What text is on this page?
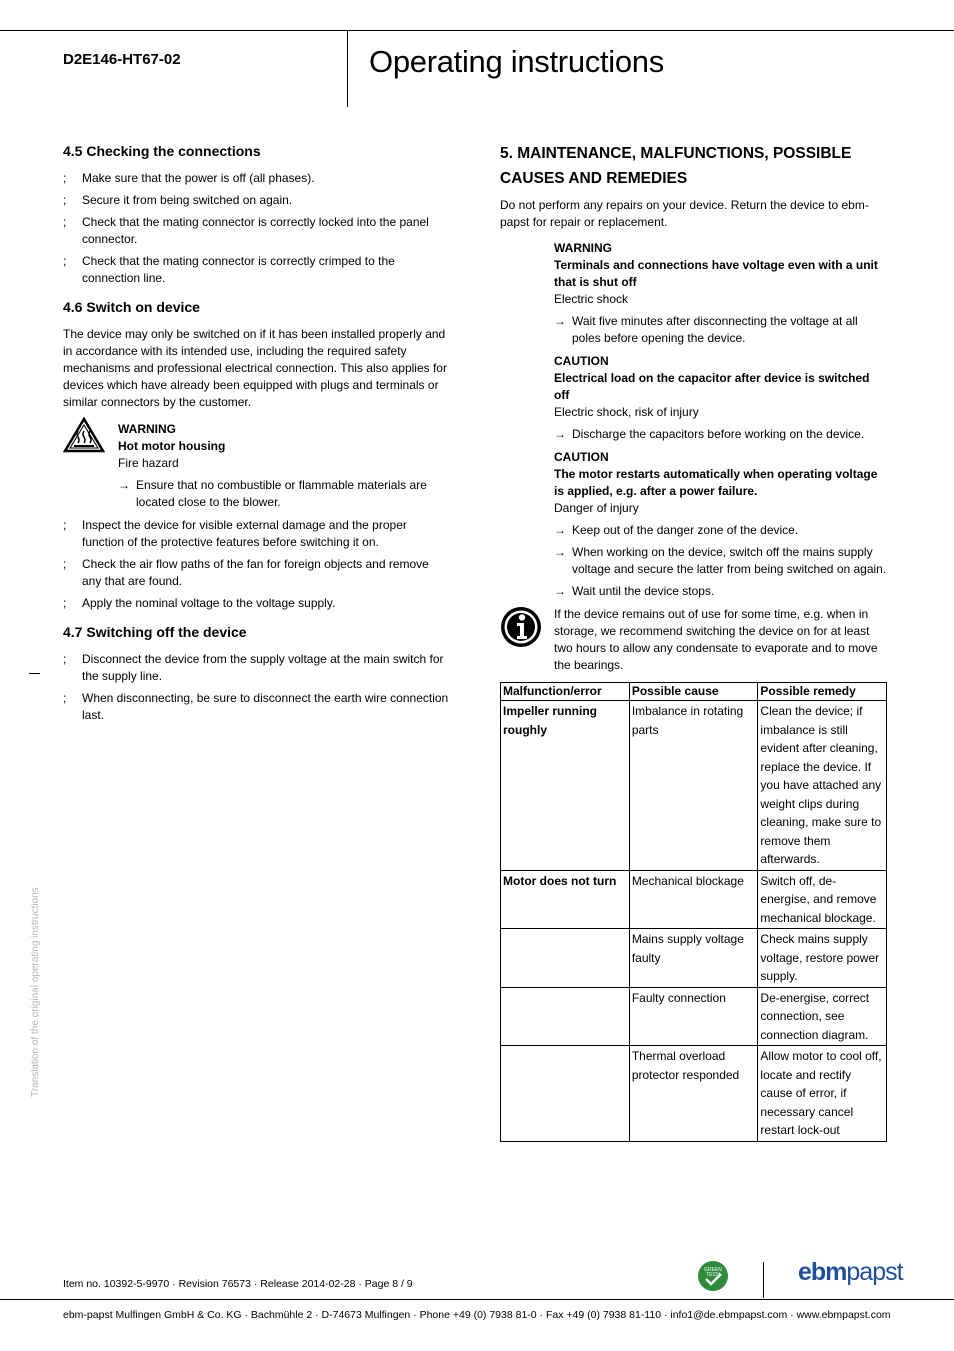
D2E146-HT67-02	Operating instructions
4.5 Checking the connections
; Make sure that the power is off (all phases).
; Secure it from being switched on again.
; Check that the mating connector is correctly locked into the panel connector.
; Check that the mating connector is correctly crimped to the connection line.
4.6 Switch on device

The device may only be switched on if it has been installed properly and in accordance with its intended use, including the required safety mechanisms and professional electrical connection. This also applies for devices which have already been equipped with plugs and terminals or similar connectors by the customer.

WARNING
Hot motor housing
Fire hazard
→ Ensure that no combustible or flammable materials are located close to the blower.
; Inspect the device for visible external damage and the proper function of the protective features before switching it on.
; Check the air flow paths of the fan for foreign objects and remove any that are found.
; Apply the nominal voltage to the voltage supply.
4.7 Switching off the device
; Disconnect the device from the supply voltage at the main switch for the supply line.
; When disconnecting, be sure to disconnect the earth wire connection last.
Translation of the original operating instructions
5. MAINTENANCE, MALFUNCTIONS, POSSIBLE CAUSES AND REMEDIES

Do not perform any repairs on your device. Return the device to ebm-papst for repair or replacement.

WARNING
Terminals and connections have voltage even with a unit that is shut off
Electric shock
→ Wait five minutes after disconnecting the voltage at all poles before opening the device.
CAUTION
Electrical load on the capacitor after device is switched off
Electric shock, risk of injury
→ Discharge the capacitors before working on the device.
CAUTION
The motor restarts automatically when operating voltage is applied, e.g. after a power failure.
Danger of injury
→ Keep out of the danger zone of the device.
→ When working on the device, switch off the mains supply voltage and secure the latter from being switched on again.
→ Wait until the device stops.
If the device remains out of use for some time, e.g. when in storage, we recommend switching the device on for at least two hours to allow any condensate to evaporate and to move the bearings.
Malfunction/error	Possible cause	Possible remedy
Impeller running roughly	Imbalance in rotating parts	Clean the device; if imbalance is still evident after cleaning, replace the device. If you have attached any weight clips during cleaning, make sure to remove them afterwards.
Motor does not turn	Mechanical blockage	Switch off, de-energise, and remove mechanical blockage.
	Mains supply voltage faulty	Check mains supply voltage, restore power supply.
	Faulty connection	De-energise, correct connection, see connection diagram.
	Thermal overload protector responded	Allow motor to cool off, locate and rectify cause of error, if necessary cancel restart lock-out
Item no. 10392-5-9970 · Revision 76573 · Release 2014-02-28 · Page 8 / 9
GREEN
TECH	ebmpapst
ebm-papst Mulfingen GmbH & Co. KG · Bachmühle 2 · D-74673 Mulfingen · Phone +49 (0) 7938 81-0 · Fax +49 (0) 7938 81-110 · info1@de.ebmpapst.com · www.ebmpapst.com
